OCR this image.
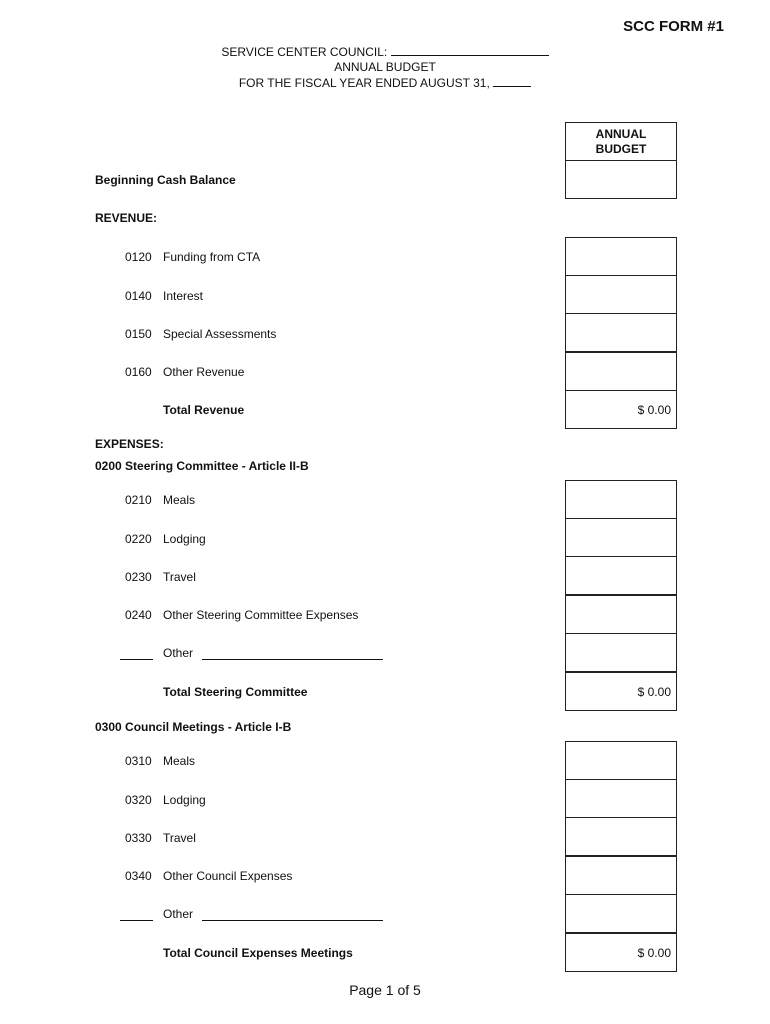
SCC FORM #1
SERVICE CENTER COUNCIL:
ANNUAL BUDGET
FOR THE FISCAL YEAR ENDED AUGUST 31,
ANNUAL
BUDGET
Beginning Cash Balance
REVENUE:
0120 Funding from CTA
0140 Interest
0150 Special Assessments
0160 Other Revenue
Total Revenue	$ 0.00
EXPENSES:
0200 Steering Committee - Article II-B
0210 Meals
0220 Lodging
0230 Travel
0240 Other Steering Committee Expenses
Other
Total Steering Committee	$ 0.00
0300 Council Meetings - Article I-B
0310 Meals
0320 Lodging
0330 Travel
0340 Other Council Expenses
Other
Total Council Expenses Meetings	$ 0.00
Page 1 of 5
